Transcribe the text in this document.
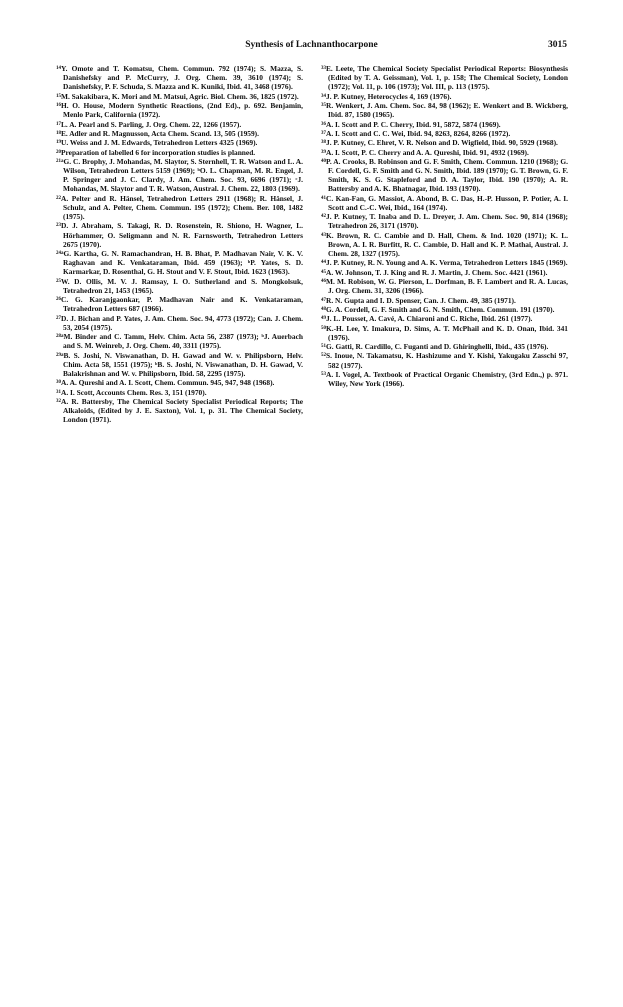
Synthesis of Lachnanthocarpone	3015
$^{14}$Y. Omote and T. Komatsu, Chem. Commun. 792 (1974); S. Mazza, S. Danishefsky and P. McCurry, J. Org. Chem. 39, 3610 (1974); S. Danishefsky, P. F. Schuda, S. Mazza and K. Kuniki, Ibid. 41, 3468 (1976).
$^{15}$M. Sakakibara, K. Mori and M. Matsui, Agric. Biol. Chem. 36, 1825 (1972).
$^{16}$H. O. House, Modern Synthetic Reactions, (2nd Ed)., p. 692. Benjamin, Menlo Park, California (1972).
$^{17}$L. A. Pearl and S. Parling, J. Org. Chem. 22, 1266 (1957).
$^{18}$E. Adler and R. Magnusson, Acta Chem. Scand. 13, 505 (1959).
$^{19}$U. Weiss and J. M. Edwards, Tetrahedron Letters 4325 (1969).
$^{20}$Preparation of labelled 6 for incorporation studies is planned.
$^{21a}$G. C. Brophy, J. Mohandas, M. Slaytor, S. Sternhell, T. R. Watson and L. A. Wilson, Tetrahedron Letters 5159 (1969); ᵇO. L. Chapman, M. R. Engel, J. P. Springer and J. C. Clardy, J. Am. Chem. Soc. 93, 6696 (1971); ᶜJ. Mohandas, M. Slaytor and T. R. Watson, Austral. J. Chem. 22, 1803 (1969).
$^{22}$A. Pelter and R. Hänsel, Tetrahedron Letters 2911 (1968); R. Hänsel, J. Schulz, and A. Pelter, Chem. Commun. 195 (1972); Chem. Ber. 108, 1482 (1975).
$^{23}$D. J. Abraham, S. Takagi, R. D. Rosenstein, R. Shiono, H. Wagner, L. Hörhammer, O. Seligmann and N. R. Farnsworth, Tetrahedron Letters 2675 (1970).
$^{24a}$G. Kartha, G. N. Ramachandran, H. B. Bhat, P. Madhavan Nair, V. K. V. Raghavan and K. Venkataraman, Ibid. 459 (1963); ᵇP. Yates, S. D. Karmarkar, D. Rosenthal, G. H. Stout and V. F. Stout, Ibid. 1623 (1963).
$^{25}$W. D. Ollis, M. V. J. Ramsay, I. O. Sutherland and S. Mongkolsuk, Tetrahedron 21, 1453 (1965).
$^{26}$C. G. Karanjgaonkar, P. Madhavan Nair and K. Venkataraman, Tetrahedron Letters 687 (1966).
$^{27}$D. J. Bichan and P. Yates, J. Am. Chem. Soc. 94, 4773 (1972); Can. J. Chem. 53, 2054 (1975).
$^{28a}$M. Binder and C. Tamm, Helv. Chim. Acta 56, 2387 (1973); ᵇJ. Auerbach and S. M. Weinreb, J. Org. Chem. 40, 3311 (1975).
$^{29a}$B. S. Joshi, N. Viswanathan, D. H. Gawad and W. v. Philipsborn, Helv. Chim. Acta 58, 1551 (1975); ᵇB. S. Joshi, N. Viswanathan, D. H. Gawad, V. Balakrishnan and W. v. Philipsborn, Ibid. 58, 2295 (1975).
$^{30}$A. A. Qureshi and A. I. Scott, Chem. Commun. 945, 947, 948 (1968).
$^{31}$A. I. Scott, Accounts Chem. Res. 3, 151 (1970).
$^{32}$A. R. Battersby, The Chemical Society Specialist Periodical Reports; The Alkaloids, (Edited by J. E. Saxton), Vol. 1, p. 31. The Chemical Society, London (1971).
$^{33}$E. Leete, The Chemical Society Specialist Periodical Reports: Biosynthesis (Edited by T. A. Geissman), Vol. 1, p. 158; The Chemical Society, London (1972); Vol. 11, p. 106 (1973); Vol. III, p. 113 (1975).
$^{34}$J. P. Kutney, Heterocycles 4, 169 (1976).
$^{35}$R. Wenkert, J. Am. Chem. Soc. 84, 98 (1962); E. Wenkert and B. Wickberg, Ibid. 87, 1580 (1965).
$^{36}$A. I. Scott and P. C. Cherry, Ibid. 91, 5872, 5874 (1969).
$^{37}$A. I. Scott and C. C. Wei, Ibid. 94, 8263, 8264, 8266 (1972).
$^{38}$J. P. Kutney, C. Ehret, V. R. Nelson and D. Wigfield, Ibid. 90, 5929 (1968).
$^{39}$A. I. Scott, P. C. Cherry and A. A. Qureshi, Ibid. 91, 4932 (1969).
$^{40}$P. A. Crooks, B. Robinson and G. F. Smith, Chem. Commun. 1210 (1968); G. F. Cordell, G. F. Smith and G. N. Smith, Ibid. 189 (1970); G. T. Brown, G. F. Smith, K. S. G. Stapleford and D. A. Taylor, Ibid. 190 (1970); A. R. Battersby and A. K. Bhatnagar, Ibid. 193 (1970).
$^{41}$C. Kan-Fan, G. Massiot, A. Abond, B. C. Das, H.-P. Husson, P. Potier, A. I. Scott and C.-C. Wei, Ibid., 164 (1974).
$^{42}$J. P. Kutney, T. Inaba and D. L. Dreyer, J. Am. Chem. Soc. 90, 814 (1968); Tetrahedron 26, 3171 (1970).
$^{43}$K. Brown, R. C. Cambie and D. Hall, Chem. & Ind. 1020 (1971); K. L. Brown, A. I. R. Burfitt, R. C. Cambie, D. Hall and K. P. Mathai, Austral. J. Chem. 28, 1327 (1975).
$^{44}$J. P. Kutney, R. N. Young and A. K. Verma, Tetrahedron Letters 1845 (1969).
$^{45}$A. W. Johnson, T. J. King and R. J. Martin, J. Chem. Soc. 4421 (1961).
$^{46}$M. M. Robison, W. G. Pierson, L. Dorfman, B. F. Lambert and R. A. Lucas, J. Org. Chem. 31, 3206 (1966).
$^{47}$R. N. Gupta and I. D. Spenser, Can. J. Chem. 49, 385 (1971).
$^{48}$G. A. Cordell, G. F. Smith and G. N. Smith, Chem. Commun. 191 (1970).
$^{49}$J. L. Pousset, A. Cavé, A. Chiaroni and C. Riche, Ibid. 261 (1977).
$^{50}$K.-H. Lee, Y. Imakura, D. Sims, A. T. McPhail and K. D. Onan, Ibid. 341 (1976).
$^{51}$G. Gatti, R. Cardillo, C. Fuganti and D. Ghiringhelli, Ibid., 435 (1976).
$^{52}$S. Inoue, N. Takamatsu, K. Hashizume and Y. Kishi, Yakugaku Zasschi 97, 582 (1977).
$^{53}$A. I. Vogel, A. Textbook of Practical Organic Chemistry, (3rd Edn.,) p. 971. Wiley, New York (1966).
